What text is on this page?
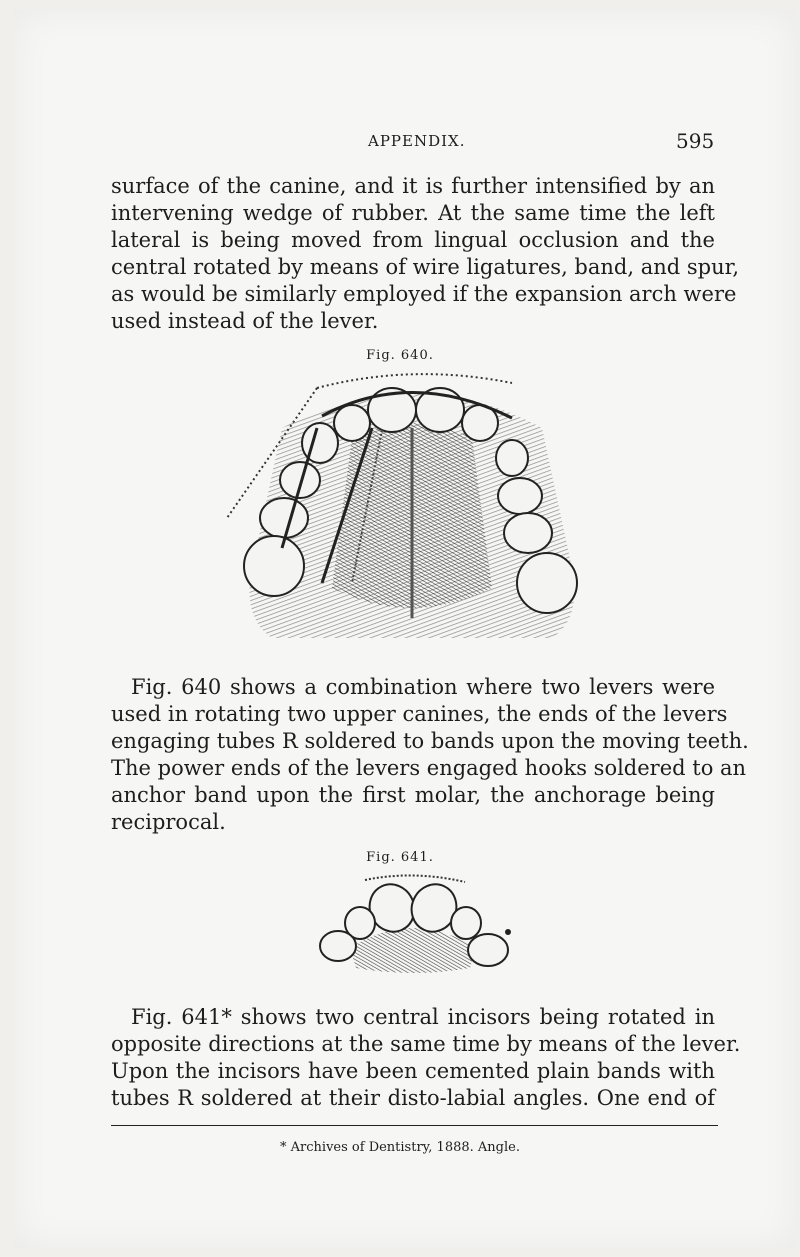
APPENDIX.	595
surface of the canine, and it is further intensified by an
intervening wedge of rubber. At the same time the left
lateral is being moved from lingual occlusion and the
central rotated by means of wire ligatures, band, and spur,
as would be similarly employed if the expansion arch were
used instead of the lever.
Fig. 640.
Fig. 640 shows a combination where two levers were
used in rotating two upper canines, the ends of the levers
engaging tubes R soldered to bands upon the moving teeth.
The power ends of the levers engaged hooks soldered to an
anchor band upon the first molar, the anchorage being
reciprocal.
Fig. 641.
Fig. 641* shows two central incisors being rotated in
opposite directions at the same time by means of the lever.
Upon the incisors have been cemented plain bands with
tubes R soldered at their disto-labial angles. One end of
* Archives of Dentistry, 1888. Angle.
